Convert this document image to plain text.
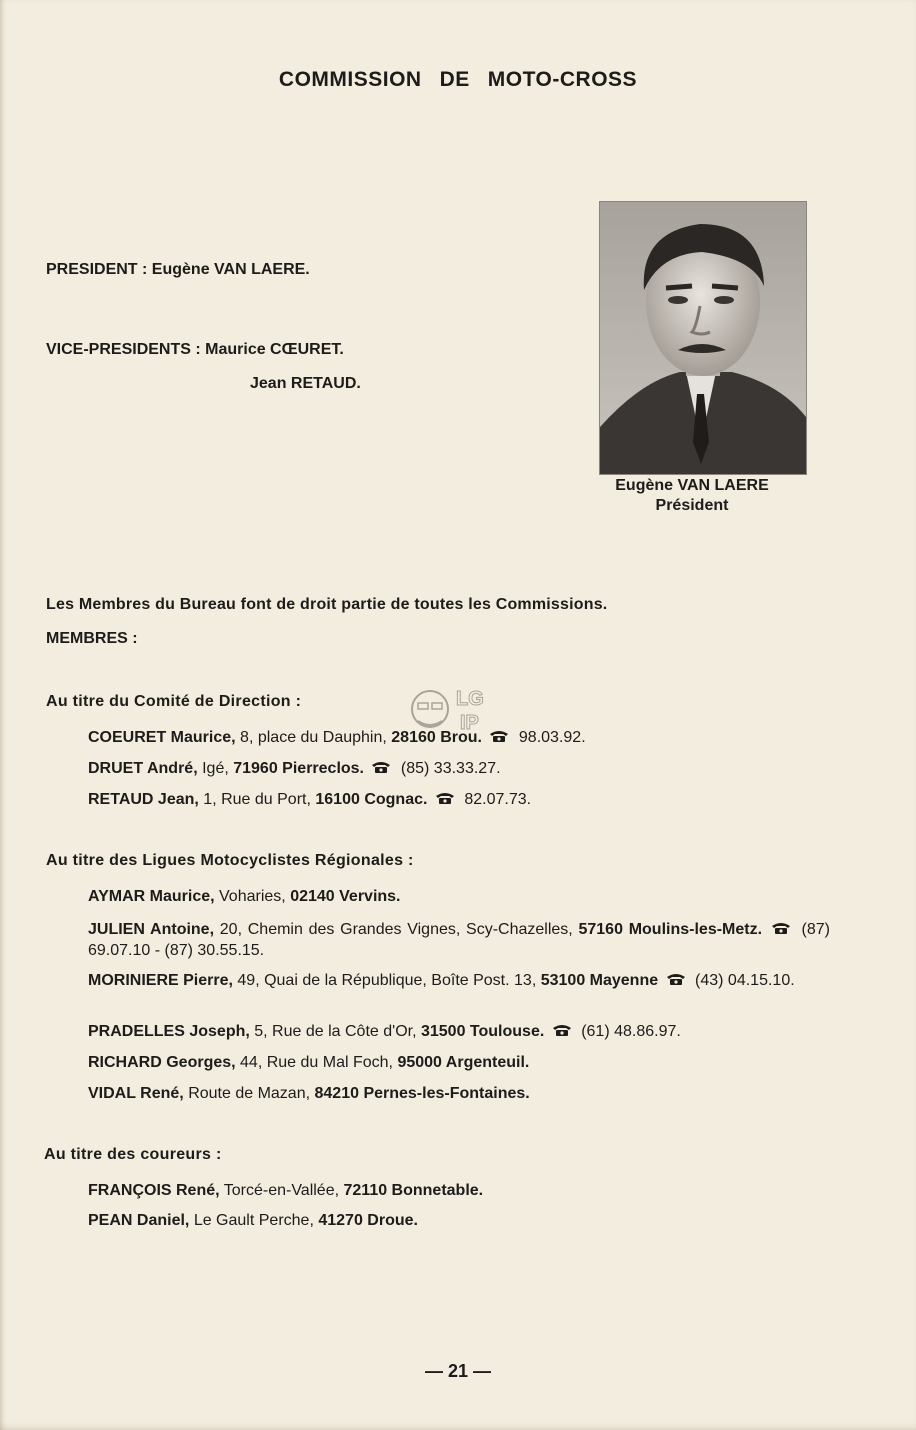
COMMISSION DE MOTO-CROSS
PRESIDENT : Eugène VAN LAERE.
VICE-PRESIDENTS : Maurice CŒURET.
Jean RETAUD.
Eugène VAN LAERE
Président
Les Membres du Bureau font de droit partie de toutes les Commissions.
MEMBRES :
LG
IP
Au titre du Comité de Direction :
COEURET Maurice, 8, place du Dauphin, 28160 Brou. 98.03.92.
DRUET André, Igé, 71960 Pierreclos. (85) 33.33.27.
RETAUD Jean, 1, Rue du Port, 16100 Cognac. 82.07.73.
Au titre des Ligues Motocyclistes Régionales :
AYMAR Maurice, Voharies, 02140 Vervins.
JULIEN Antoine, 20, Chemin des Grandes Vignes, Scy-Chazelles, 57160 Moulins-les-Metz. (87) 69.07.10 - (87) 30.55.15.
MORINIERE Pierre, 49, Quai de la République, Boîte Post. 13, 53100 Mayenne (43) 04.15.10.
PRADELLES Joseph, 5, Rue de la Côte d'Or, 31500 Toulouse. (61) 48.86.97.
RICHARD Georges, 44, Rue du Mal Foch, 95000 Argenteuil.
VIDAL René, Route de Mazan, 84210 Pernes-les-Fontaines.
Au titre des coureurs :
FRANÇOIS René, Torcé-en-Vallée, 72110 Bonnetable.
PEAN Daniel, Le Gault Perche, 41270 Droue.
— 21 —
